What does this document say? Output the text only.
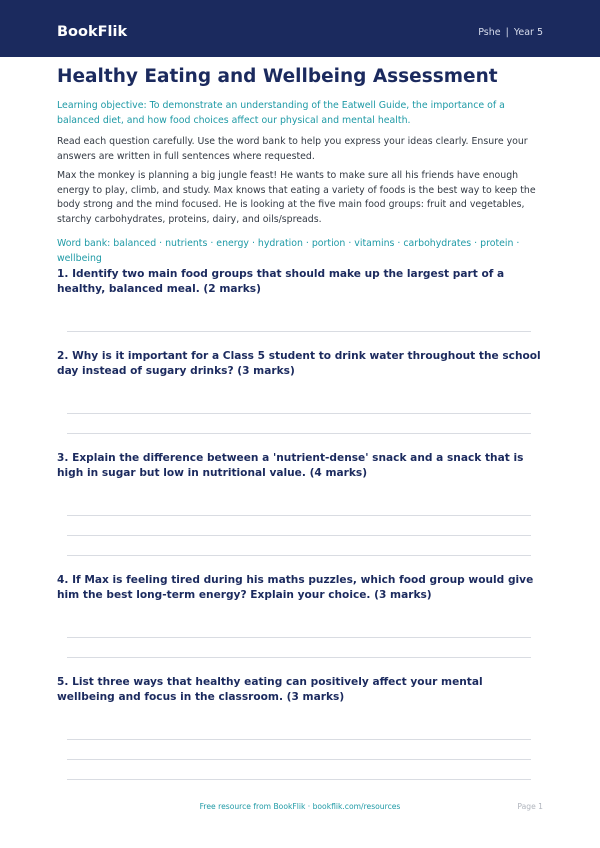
BookFlik	Pshe | Year 5
Healthy Eating and Wellbeing Assessment
Learning objective: To demonstrate an understanding of the Eatwell Guide, the importance of a balanced diet, and how food choices affect our physical and mental health.
Read each question carefully. Use the word bank to help you express your ideas clearly. Ensure your answers are written in full sentences where requested.
Max the monkey is planning a big jungle feast! He wants to make sure all his friends have enough energy to play, climb, and study. Max knows that eating a variety of foods is the best way to keep the body strong and the mind focused. He is looking at the five main food groups: fruit and vegetables, starchy carbohydrates, proteins, dairy, and oils/spreads.
Word bank: balanced · nutrients · energy · hydration · portion · vitamins · carbohydrates · protein · wellbeing
1. Identify two main food groups that should make up the largest part of a healthy, balanced meal. (2 marks)
2. Why is it important for a Class 5 student to drink water throughout the school day instead of sugary drinks? (3 marks)
3. Explain the difference between a 'nutrient-dense' snack and a snack that is high in sugar but low in nutritional value. (4 marks)
4. If Max is feeling tired during his maths puzzles, which food group would give him the best long-term energy? Explain your choice. (3 marks)
5. List three ways that healthy eating can positively affect your mental wellbeing and focus in the classroom. (3 marks)
Free resource from BookFlik · bookflik.com/resources	Page 1
